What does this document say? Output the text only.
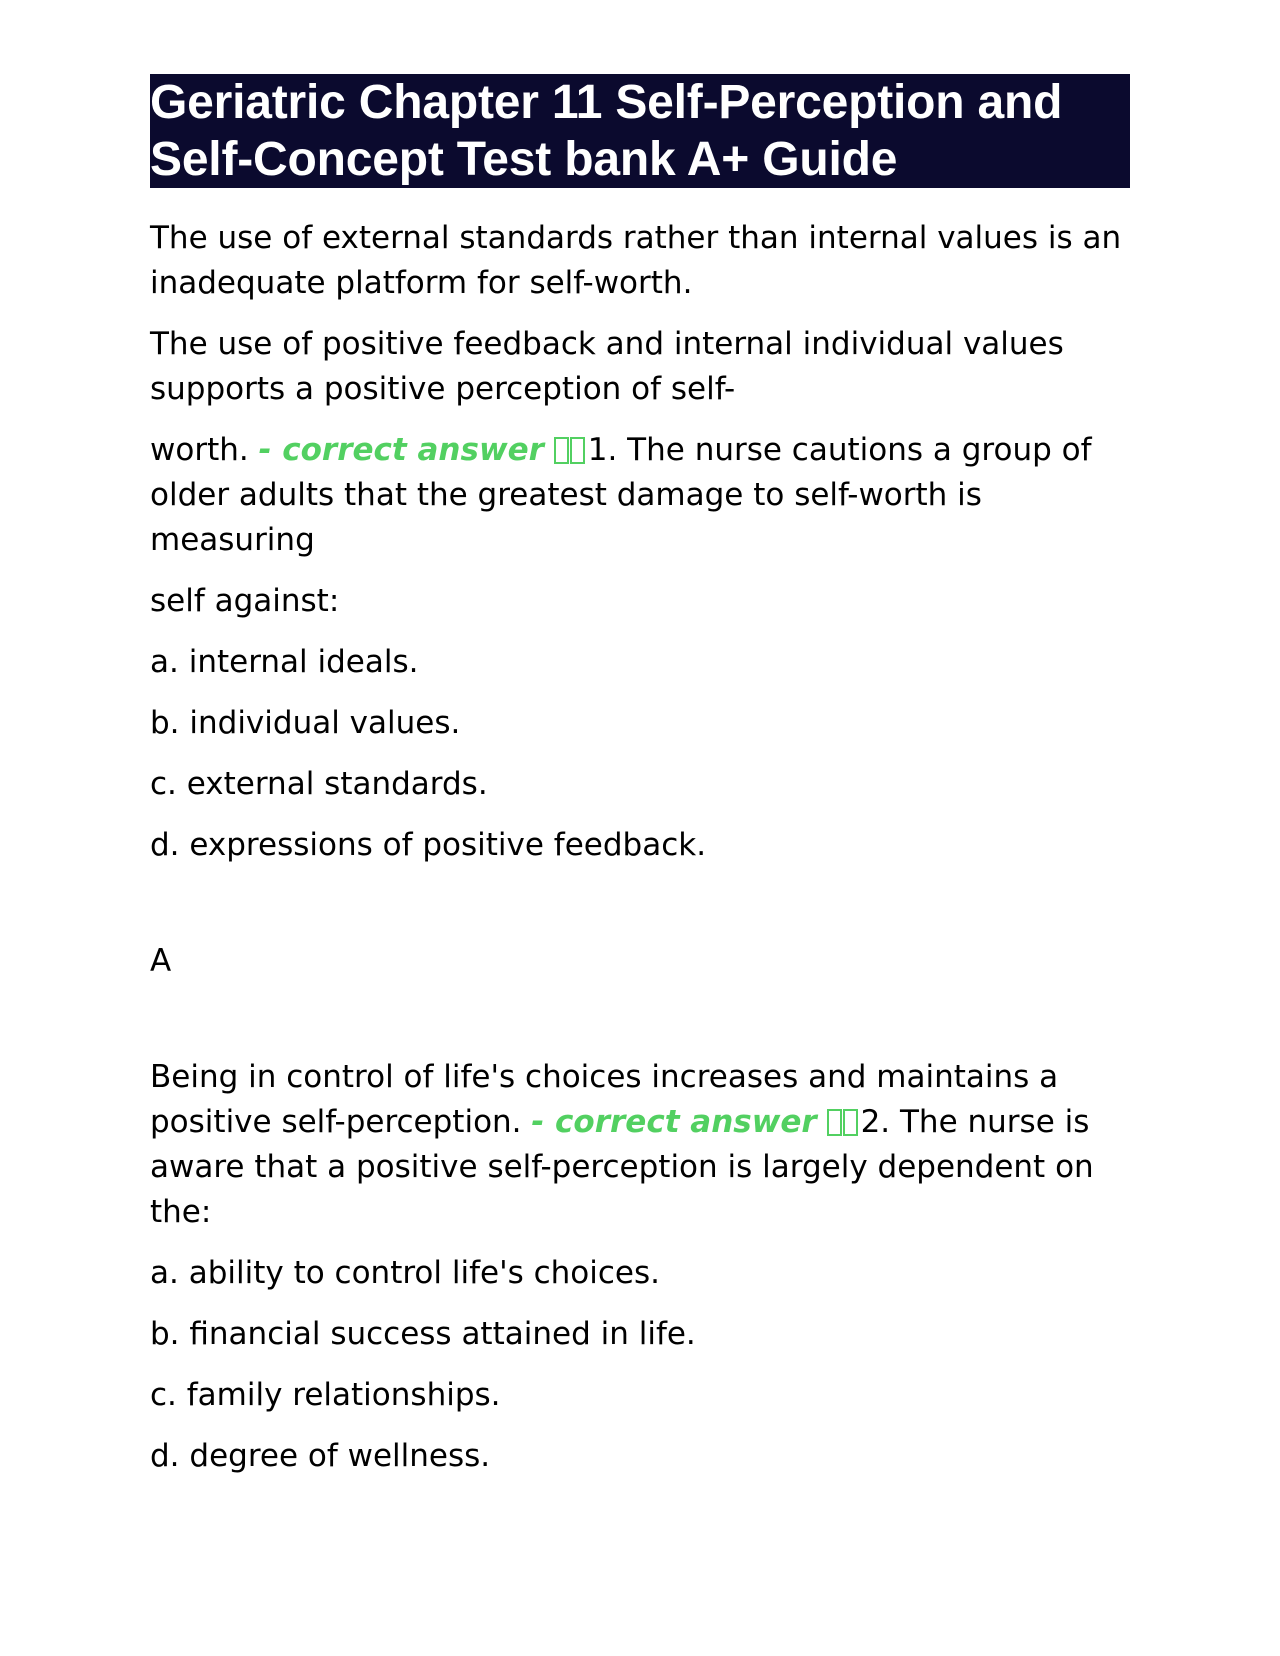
Geriatric Chapter 11 Self-Perception and Self-Concept Test bank A+ Guide

The use of external standards rather than internal values is an inadequate platform for self-worth.

The use of positive feedback and internal individual values supports a positive perception of self-

worth. - correct answer 1. The nurse cautions a group of older adults that the greatest damage to self-worth is measuring

self against:

a. internal ideals.

b. individual values.

c. external standards.

d. expressions of positive feedback.

A

Being in control of life's choices increases and maintains a positive self-perception. - correct answer 2. The nurse is aware that a positive self-perception is largely dependent on the:

a. ability to control life's choices.

b. financial success attained in life.

c. family relationships.

d. degree of wellness.
